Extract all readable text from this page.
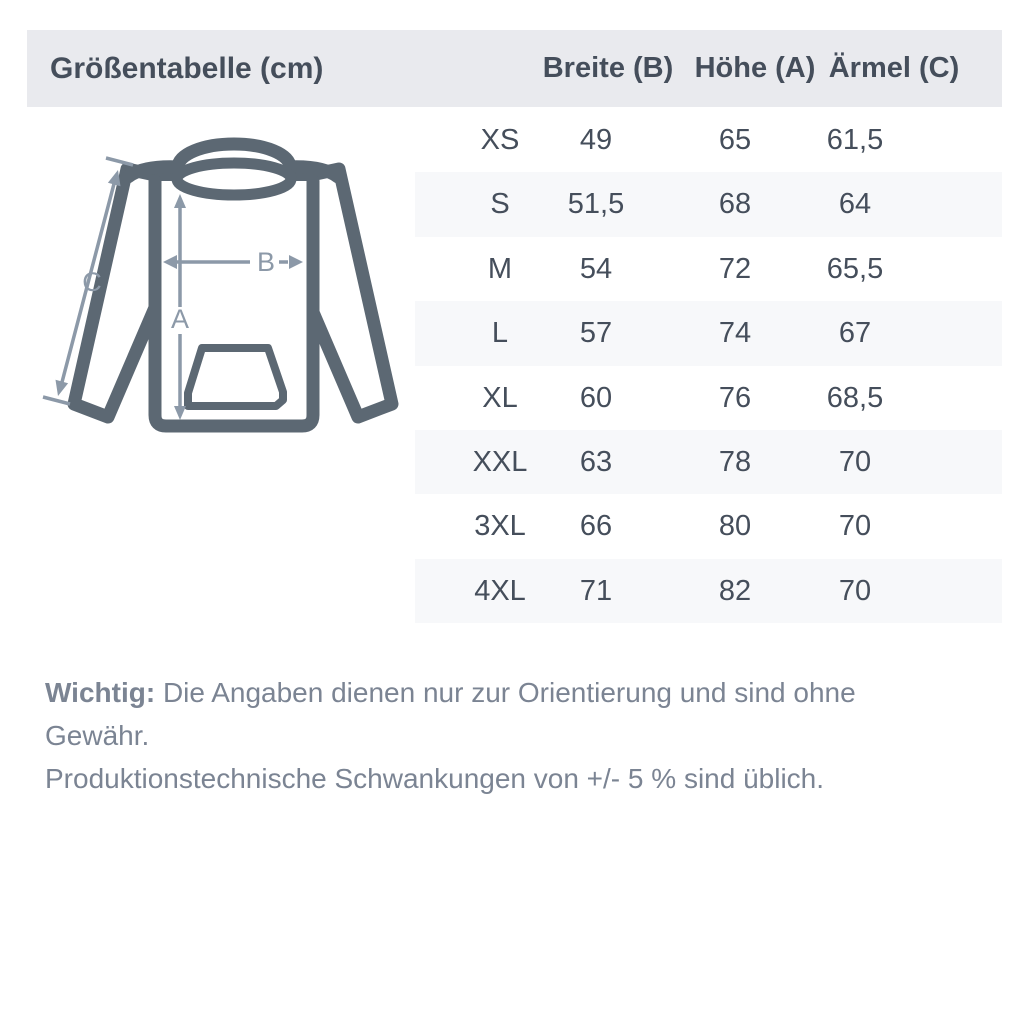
Größentabelle (cm)	Breite (B) Höhe (A) Ärmel (C)
A
B
C
XS 49	65	61,5
S 51,5	68	64
M 54	72	65,5
L 57	74	67
XL 60	76	68,5
XXL 63	78	70
3XL 66	80	70
4XL 71	82	70

Wichtig: Die Angaben dienen nur zur Orientierung und sind ohne Gewähr.
Produktionstechnische Schwankungen von +/- 5 % sind üblich.
